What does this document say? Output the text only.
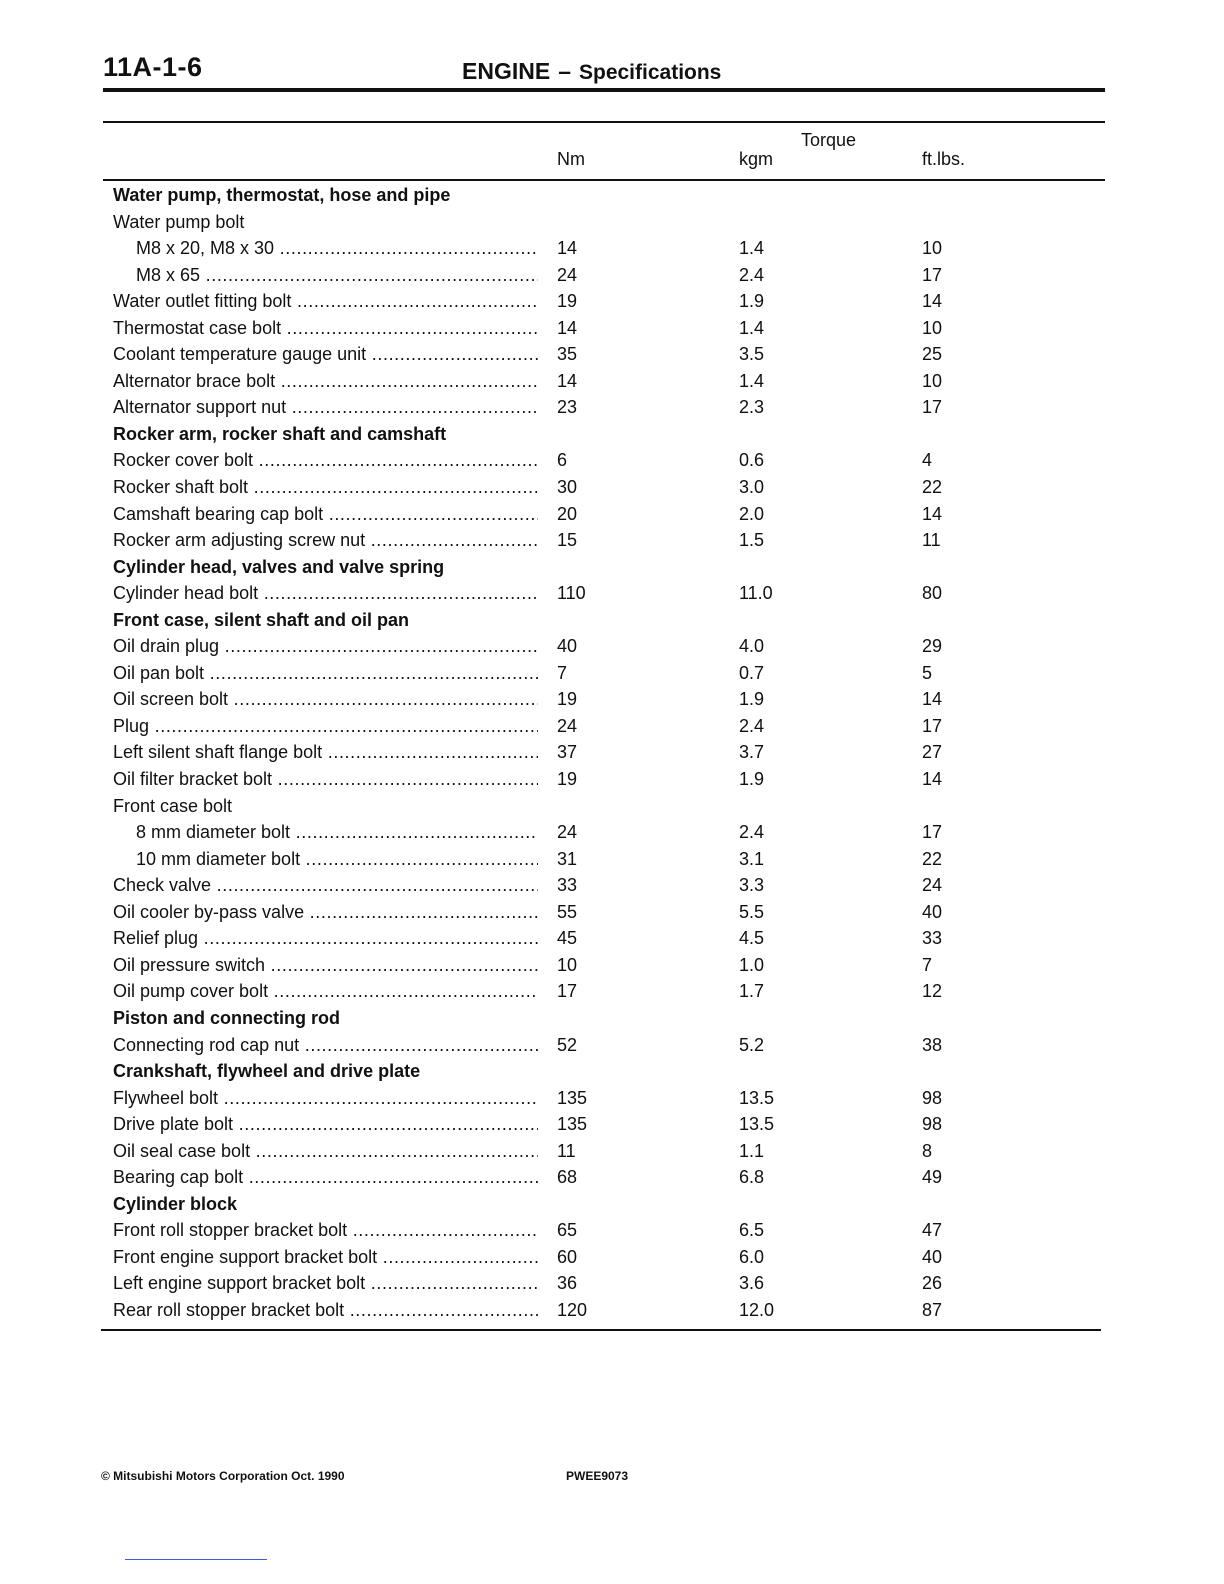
11A-1-6	ENGINE – Specifications
Torque
Nm	kgm	ft.lbs.
Water pump, thermostat, hose and pipe
Water pump bolt
M8 x 20, M8 x 30 .....	14	1.4	10
M8 x 65 .....	24	2.4	17
Water outlet fitting bolt .....	19	1.9	14
Thermostat case bolt .....	14	1.4	10
Coolant temperature gauge unit .....	35	3.5	25
Alternator brace bolt .....	14	1.4	10
Alternator support nut .....	23	2.3	17
Rocker arm, rocker shaft and camshaft
Rocker cover bolt .....	6	0.6	4
Rocker shaft bolt .....	30	3.0	22
Camshaft bearing cap bolt .....	20	2.0	14
Rocker arm adjusting screw nut .....	15	1.5	11
Cylinder head, valves and valve spring
Cylinder head bolt .....	110	11.0	80
Front case, silent shaft and oil pan
Oil drain plug .....	40	4.0	29
Oil pan bolt .....	7	0.7	5
Oil screen bolt .....	19	1.9	14
Plug .....	24	2.4	17
Left silent shaft flange bolt .....	37	3.7	27
Oil filter bracket bolt .....	19	1.9	14
Front case bolt
8 mm diameter bolt .....	24	2.4	17
10 mm diameter bolt .....	31	3.1	22
Check valve .....	33	3.3	24
Oil cooler by-pass valve .....	55	5.5	40
Relief plug .....	45	4.5	33
Oil pressure switch .....	10	1.0	7
Oil pump cover bolt .....	17	1.7	12
Piston and connecting rod
Connecting rod cap nut .....	52	5.2	38
Crankshaft, flywheel and drive plate
Flywheel bolt .....	135	13.5	98
Drive plate bolt .....	135	13.5	98
Oil seal case bolt .....	11	1.1	8
Bearing cap bolt .....	68	6.8	49
Cylinder block
Front roll stopper bracket bolt .....	65	6.5	47
Front engine support bracket bolt .....	60	6.0	40
Left engine support bracket bolt .....	36	3.6	26
Rear roll stopper bracket bolt .....	120	12.0	87
© Mitsubishi Motors Corporation Oct. 1990	PWEE9073
